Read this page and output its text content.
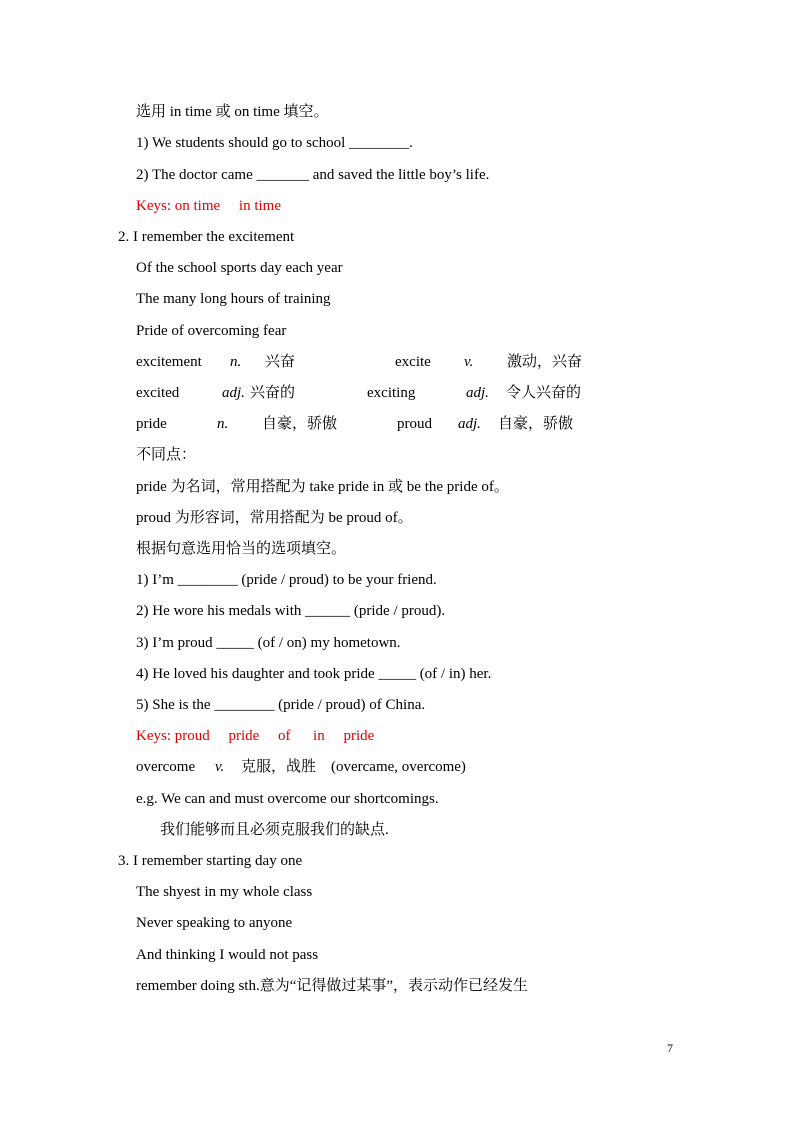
选用 in time 或 on time 填空。
1) We students should go to school ________.
2) The doctor came _______ and saved the little boy’s life.
Keys: on time     in time
2. I remember the excitement
Of the school sports day each year
The many long hours of training
Pride of overcoming fear
excitement n. 兴奋	excite v. 激动，兴奋
excited	adj. 兴奋的	exciting	adj. 令人兴奋的
pride	n. 自豪，骄傲	proud adj. 自豪，骄傲
不同点：
pride 为名词，常用搭配为 take pride in 或 be the pride of。
proud 为形容词，常用搭配为 be proud of。
根据句意选用恰当的选项填空。
1) I’m ________ (pride / proud) to be your friend.
2) He wore his medals with ______ (pride / proud).
3) I’m proud _____ (of / on) my hometown.
4) He loved his daughter and took pride _____ (of / in) her.
5) She is the ________ (pride / proud) of China.
Keys: proud     pride     of      in     pride
overcome v. 克服，战胜    (overcame, overcome)
e.g. We can and must overcome our shortcomings.
我们能够而且必须克服我们的缺点.
3. I remember starting day one
The shyest in my whole class
Never speaking to anyone
And thinking I would not pass
remember doing sth.意为“记得做过某事”，表示动作已经发生
7
